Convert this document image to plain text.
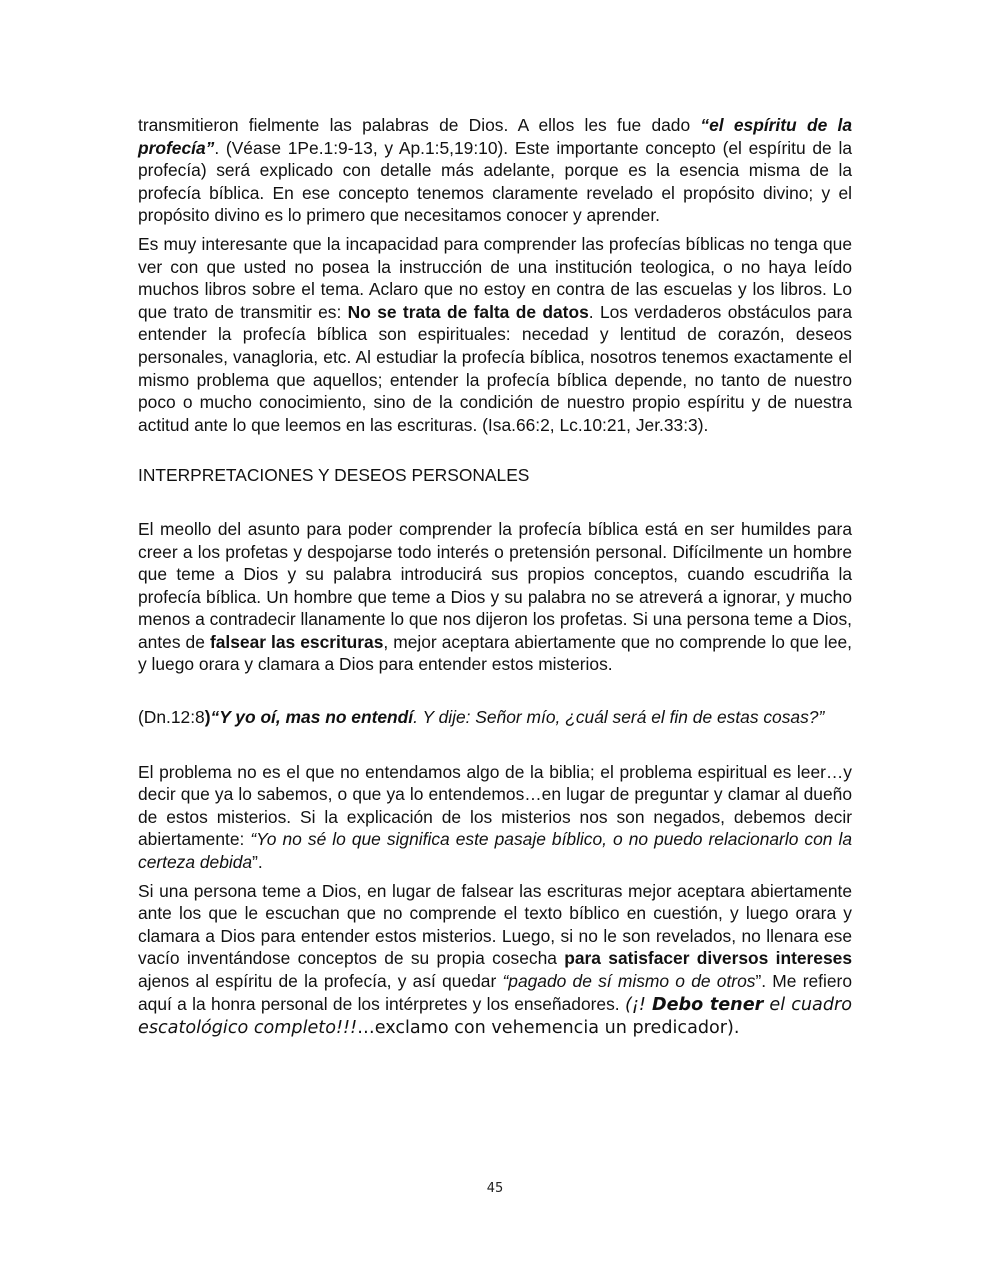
transmitieron fielmente las palabras de Dios. A ellos les fue dado “el espíritu de la profecía”. (Véase 1Pe.1:9-13, y Ap.1:5,19:10). Este importante concepto (el espíritu de la profecía) será explicado con detalle más adelante, porque es la esencia misma de la profecía bíblica. En ese concepto tenemos claramente revelado el propósito divino; y el propósito divino es lo primero que necesitamos conocer y aprender.

Es muy interesante que la incapacidad para comprender las profecías bíblicas no tenga que ver con que usted no posea la instrucción de una institución teologica, o no haya leído muchos libros sobre el tema. Aclaro que no estoy en contra de las escuelas y los libros. Lo que trato de transmitir es: No se trata de falta de datos. Los verdaderos obstáculos para entender la profecía bíblica son espirituales: necedad y lentitud de corazón, deseos personales, vanagloria, etc. Al estudiar la profecía bíblica, nosotros tenemos exactamente el mismo problema que aquellos; entender la profecía bíblica depende, no tanto de nuestro poco o mucho conocimiento, sino de la condición de nuestro propio espíritu y de nuestra actitud ante lo que leemos en las escrituras. (Isa.66:2, Lc.10:21, Jer.33:3).

INTERPRETACIONES Y DESEOS PERSONALES

El meollo del asunto para poder comprender la profecía bíblica está en ser humildes para creer a los profetas y despojarse todo interés o pretensión personal. Difícilmente un hombre que teme a Dios y su palabra introducirá sus propios conceptos, cuando escudriña la profecía bíblica. Un hombre que teme a Dios y su palabra no se atreverá a ignorar, y mucho menos a contradecir llanamente lo que nos dijeron los profetas. Si una persona teme a Dios, antes de falsear las escrituras, mejor aceptara abiertamente que no comprende lo que lee, y luego orara y clamara a Dios para entender estos misterios.

(Dn.12:8)“Y yo oí, mas no entendí. Y dije: Señor mío, ¿cuál será el fin de estas cosas?”

El problema no es el que no entendamos algo de la biblia; el problema espiritual es leer…y decir que ya lo sabemos, o que ya lo entendemos…en lugar de preguntar y clamar al dueño de estos misterios. Si la explicación de los misterios nos son negados, debemos decir abiertamente: “Yo no sé lo que significa este pasaje bíblico, o no puedo relacionarlo con la certeza debida”.

Si una persona teme a Dios, en lugar de falsear las escrituras mejor aceptara abiertamente ante los que le escuchan que no comprende el texto bíblico en cuestión, y luego orara y clamara a Dios para entender estos misterios. Luego, si no le son revelados, no llenara ese vacío inventándose conceptos de su propia cosecha para satisfacer diversos intereses ajenos al espíritu de la profecía, y así quedar “pagado de sí mismo o de otros”. Me refiero aquí a la honra personal de los intérpretes y los enseñadores. (¡! Debo tener el cuadro escatológico completo!!!…exclamo con vehemencia un predicador).

45
